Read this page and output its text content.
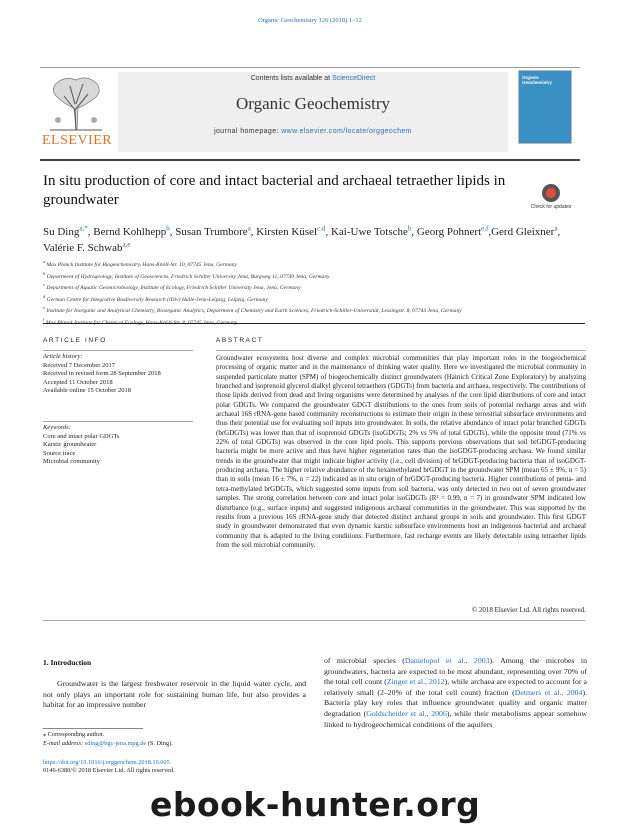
Organic Geochemistry 126 (2018) 1–12
ELSEVIER
Contents lists available at ScienceDirect
Organic Geochemistry
journal homepage: www.elsevier.com/locate/orggeochem
Organic Geochemistry
In situ production of core and intact bacterial and archaeal tetraether lipids in groundwater	Check for updates
Su Ding$^{a,*}$, Bernd Kohlhepp$^b$, Susan Trumbore$^a$, Kirsten Küsel$^{c,d}$, Kai-Uwe Totsche$^b$, Georg Pohnert$^{e,f}$,Gerd Gleixner$^a$, Valérie F. Schwab$^{a,e}$
$^a$ Max Planck Institute for Biogeochemistry, Hans-Knöll-Str. 10, 07745 Jena, Germany
$^b$ Department of Hydrogeology, Institute of Geosciences, Friedrich Schiller University Jena, Burgweg 11, 07749 Jena, Germany
$^c$ Department of Aquatic Geomicrobiology, Institute of Ecology, Friedrich Schiller University Jena, Jena, Germany
$^d$ German Centre for Integrative Biodiversity Research (iDiv) Halle-Jena-Leipzig, Leipzig, Germany
$^e$ Institute for Inorganic and Analytical Chemistry, Bioorganic Analytics, Department of Chemistry and Earth Sciences, Friedrich-Schiller-Universität, Lessingstr. 8, 07743 Jena, Germany
$^f$
ARTICLE INFO
Article history:
Received 7 December 2017
Received in revised form 28 September 2018
Accepted 11 October 2018
Available online 15 October 2018
Keywords:
Core and intact polar GDGTs
Karstic groundwater
Source trace
Microbial community
ABSTRACT
Groundwater ecosystems host diverse and complex microbial communities that play important roles in the biogeochemical processing of organic matter and in the maintenance of drinking water quality. Here we investigated the microbial community in suspended particulate matter (SPM) of biogeochemically distinct groundwaters (Hainich Critical Zone Exploratory) by analyzing branched and isoprenoid glycerol dialkyl glycerol tetraethers (GDGTs) from bacteria and archaea, respectively. The contributions of those lipids derived from dead and living organisms were determined by analyses of the core lipid distributions of core and intact polar GDGTs. We compared the groundwater GDGT distributions to the ones from soils of potential recharge areas and with archaeal 16S rRNA-gene based community reconstructions to estimate their origin in these terrestrial subsurface environments and thus their potential use for evaluating soil inputs into groundwater. In soils, the relative abundance of intact polar branched GDGTs (brGDGTs) was lower than that of isoprenoid GDGTs (isoGDGTs; 2% vs 5% of total GDGTs), while the opposite trend (71% vs 22% of total GDGTs) was observed in the core lipid pools. This supports previous observations that soil brGDGT-producing bacteria might be more active and thus have higher regeneration rates than the isoGDGT-producing archaea. We found similar trends in the groundwater that might indicate higher activity (i.e., cell division) of brGDGT-producing bacteria than of isoGDGT-producing archaea. The higher relative abundance of the hexamethylated brGDGT in the groundwater SPM (mean 65 ± 9%, n = 5) than in soils (mean 16 ± 7%, n = 22) indicated an in situ origin of brGDGT-producing bacteria. Higher contributions of penta- and tetra-methylated brGDGTs, which suggested some inputs from soil bacteria, was only detected in two out of seven groundwater samples. The strong correlation between core and intact polar isoGDGTs (R² = 0.99, n = 7) in groundwater SPM indicated low disturbance (e.g., surface inputs) and suggested indigenous archaeal communities in the groundwater. This was supported by the results from a previous 16S rRNA-gene study that detected distinct archaeal groups in soils and groundwater. This first GDGT study in groundwater demonstrated that even dynamic karstic subsurface environments host an indigenous bacterial and archaeal community that is adapted to the living conditions. Furthermore, fast recharge events are likely detectable using tetraether lipids from the soil microbial community.
© 2018 Elsevier Ltd. All rights reserved.
1. Introduction
Groundwater is the largest freshwater reservoir in the liquid water cycle, and not only plays an important role for sustaining human life, but also provides a habitat for an impressive number
of microbial species (Danielopol et al., 2003). Among the microbes in groundwaters, bacteria are expected to be most abundant, representing over 70% of the total cell count (Zinger et al., 2012), while archaea are expected to account for a relatively small (2–20% of the total cell count) fraction (Detmers et al., 2004). Bacteria play key roles that influence groundwater quality and organic matter degradation (Goldscheider et al., 2006), while their metabolisms appear somehow linked to hydrogeochemical conditions of the aquifers
⁎ Corresponding author.
E-mail address: sding@bgc-jena.mpg.de (S. Ding).
https://doi.org/10.1016/j.orggeochem.2018.10.005
0146-6380/© 2018 Elsevier Ltd. All rights reserved.
ebook-hunter.org
